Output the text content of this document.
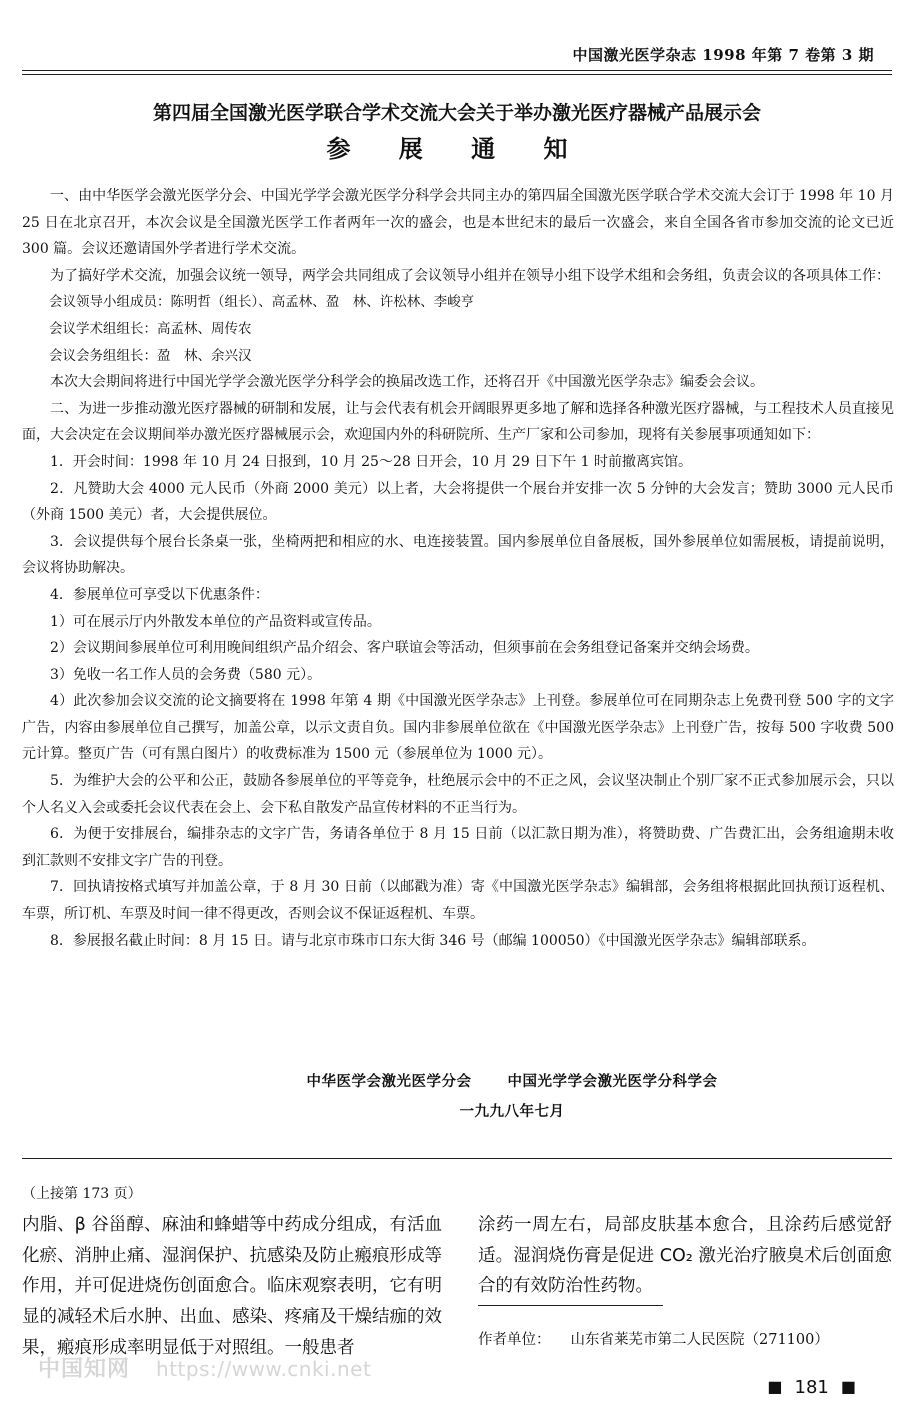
中国激光医学杂志 1998 年第 7 卷第 3 期
第四届全国激光医学联合学术交流大会关于举办激光医疗器械产品展示会
参 展 通 知

一、由中华医学会激光医学分会、中国光学学会激光医学分科学会共同主办的第四届全国激光医学联合学术交流大会订于 1998 年 10 月 25 日在北京召开，本次会议是全国激光医学工作者两年一次的盛会，也是本世纪末的最后一次盛会，来自全国各省市参加交流的论文已近 300 篇。会议还邀请国外学者进行学术交流。

为了搞好学术交流，加强会议统一领导，两学会共同组成了会议领导小组并在领导小组下设学术组和会务组，负责会议的各项具体工作：

会议领导小组成员：陈明哲（组长）、高孟林、盈　林、许松林、李峻亨

会议学术组组长：高孟林、周传农

会议会务组组长：盈　林、余兴汉

本次大会期间将进行中国光学学会激光医学分科学会的换届改选工作，还将召开《中国激光医学杂志》编委会会议。

二、为进一步推动激光医疗器械的研制和发展，让与会代表有机会开阔眼界更多地了解和选择各种激光医疗器械，与工程技术人员直接见面，大会决定在会议期间举办激光医疗器械展示会，欢迎国内外的科研院所、生产厂家和公司参加，现将有关参展事项通知如下：

1．开会时间：1998 年 10 月 24 日报到，10 月 25～28 日开会，10 月 29 日下午 1 时前撤离宾馆。

2．凡赞助大会 4000 元人民币（外商 2000 美元）以上者，大会将提供一个展台并安排一次 5 分钟的大会发言；赞助 3000 元人民币（外商 1500 美元）者，大会提供展位。

3．会议提供每个展台长条桌一张，坐椅两把和相应的水、电连接装置。国内参展单位自备展板，国外参展单位如需展板，请提前说明，会议将协助解决。

4．参展单位可享受以下优惠条件：

1）可在展示厅内外散发本单位的产品资料或宣传品。

2）会议期间参展单位可利用晚间组织产品介绍会、客户联谊会等活动，但须事前在会务组登记备案并交纳会场费。

3）免收一名工作人员的会务费（580 元）。

4）此次参加会议交流的论文摘要将在 1998 年第 4 期《中国激光医学杂志》上刊登。参展单位可在同期杂志上免费刊登 500 字的文字广告，内容由参展单位自己撰写，加盖公章，以示文责自负。国内非参展单位欲在《中国激光医学杂志》上刊登广告，按每 500 字收费 500 元计算。整页广告（可有黑白图片）的收费标准为 1500 元（参展单位为 1000 元）。

5．为维护大会的公平和公正，鼓励各参展单位的平等竞争，杜绝展示会中的不正之风，会议坚决制止个别厂家不正式参加展示会，只以个人名义入会或委托会议代表在会上、会下私自散发产品宣传材料的不正当行为。

6．为便于安排展台，编排杂志的文字广告，务请各单位于 8 月 15 日前（以汇款日期为准），将赞助费、广告费汇出，会务组逾期未收到汇款则不安排文字广告的刊登。

7．回执请按格式填写并加盖公章，于 8 月 30 日前（以邮戳为准）寄《中国激光医学杂志》编辑部，会务组将根据此回执预订返程机、车票，所订机、车票及时间一律不得更改，否则会议不保证返程机、车票。

8．参展报名截止时间：8 月 15 日。请与北京市珠市口东大街 346 号（邮编 100050）《中国激光医学杂志》编辑部联系。

中华医学会激光医学分会 中国光学学会激光医学分科学会
一九九八年七月
（上接第 173 页）
内脂、β 谷甾醇、麻油和蜂蜡等中药成分组成，有活血化瘀、消肿止痛、湿润保护、抗感染及防止瘢痕形成等作用，并可促进烧伤创面愈合。临床观察表明，它有明显的减轻术后水肿、出血、感染、疼痛及干燥结痂的效果，瘢痕形成率明显低于对照组。一般患者
涂药一周左右，局部皮肤基本愈合，且涂药后感觉舒适。湿润烧伤膏是促进 CO₂ 激光治疗腋臭术后创面愈合的有效防治性药物。
作者单位： 山东省莱芜市第二人民医院（271100）
中国知网 https://www.cnki.net
■ 181 ■
